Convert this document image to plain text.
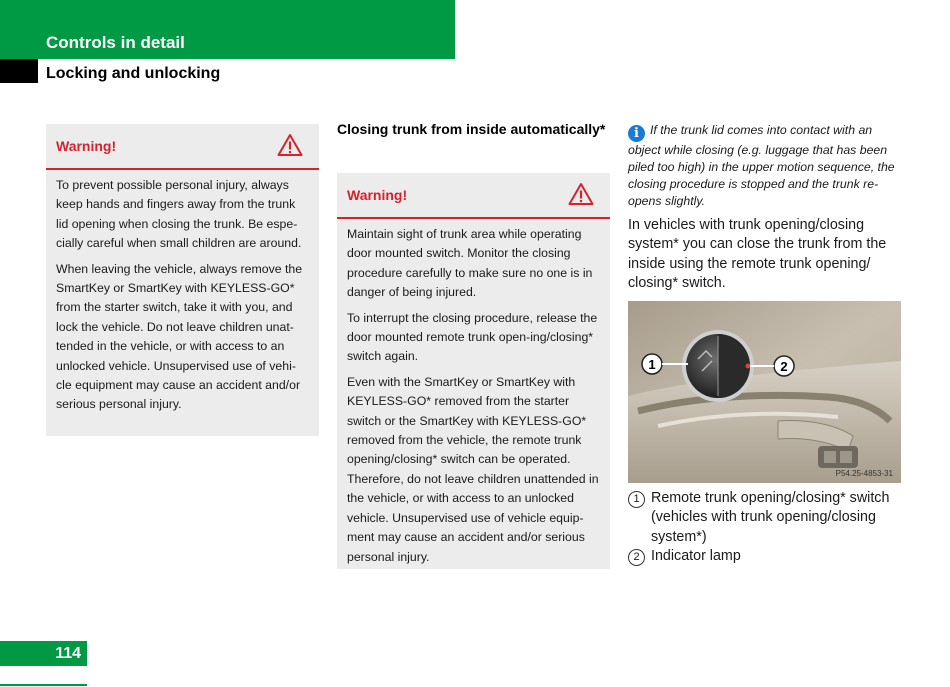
Controls in detail
Locking and unlocking
Warning!

To prevent possible personal injury, always keep hands and fingers away from the trunk lid opening when closing the trunk. Be espe-cially careful when small children are around.

When leaving the vehicle, always remove the SmartKey or SmartKey with KEYLESS-GO* from the starter switch, take it with you, and lock the vehicle. Do not leave children unat-tended in the vehicle, or with access to an unlocked vehicle. Unsupervised use of vehi-cle equipment may cause an accident and/or serious personal injury.

Closing trunk from inside automatically*
Warning!

Maintain sight of trunk area while operating door mounted switch. Monitor the closing procedure carefully to make sure no one is in danger of being injured.

To interrupt the closing procedure, release the door mounted remote trunk open-ing/closing* switch again.

Even with the SmartKey or SmartKey with KEYLESS-GO* removed from the starter switch or the SmartKey with KEYLESS-GO* removed from the vehicle, the remote trunk opening/closing* switch can be operated. Therefore, do not leave children unattended in the vehicle, or with access to an unlocked vehicle. Unsupervised use of vehicle equip-ment may cause an accident and/or serious personal injury.

i If the trunk lid comes into contact with an object while closing (e.g. luggage that has been piled too high) in the upper motion sequence, the closing procedure is stopped and the trunk re-opens slightly.
In vehicles with trunk opening/closing system* you can close the trunk from the inside using the remote trunk opening/ closing* switch.
1	2
P54.25-4853-31
1 Remote trunk opening/closing* switch (vehicles with trunk opening/closing system*)
2 Indicator lamp
114
